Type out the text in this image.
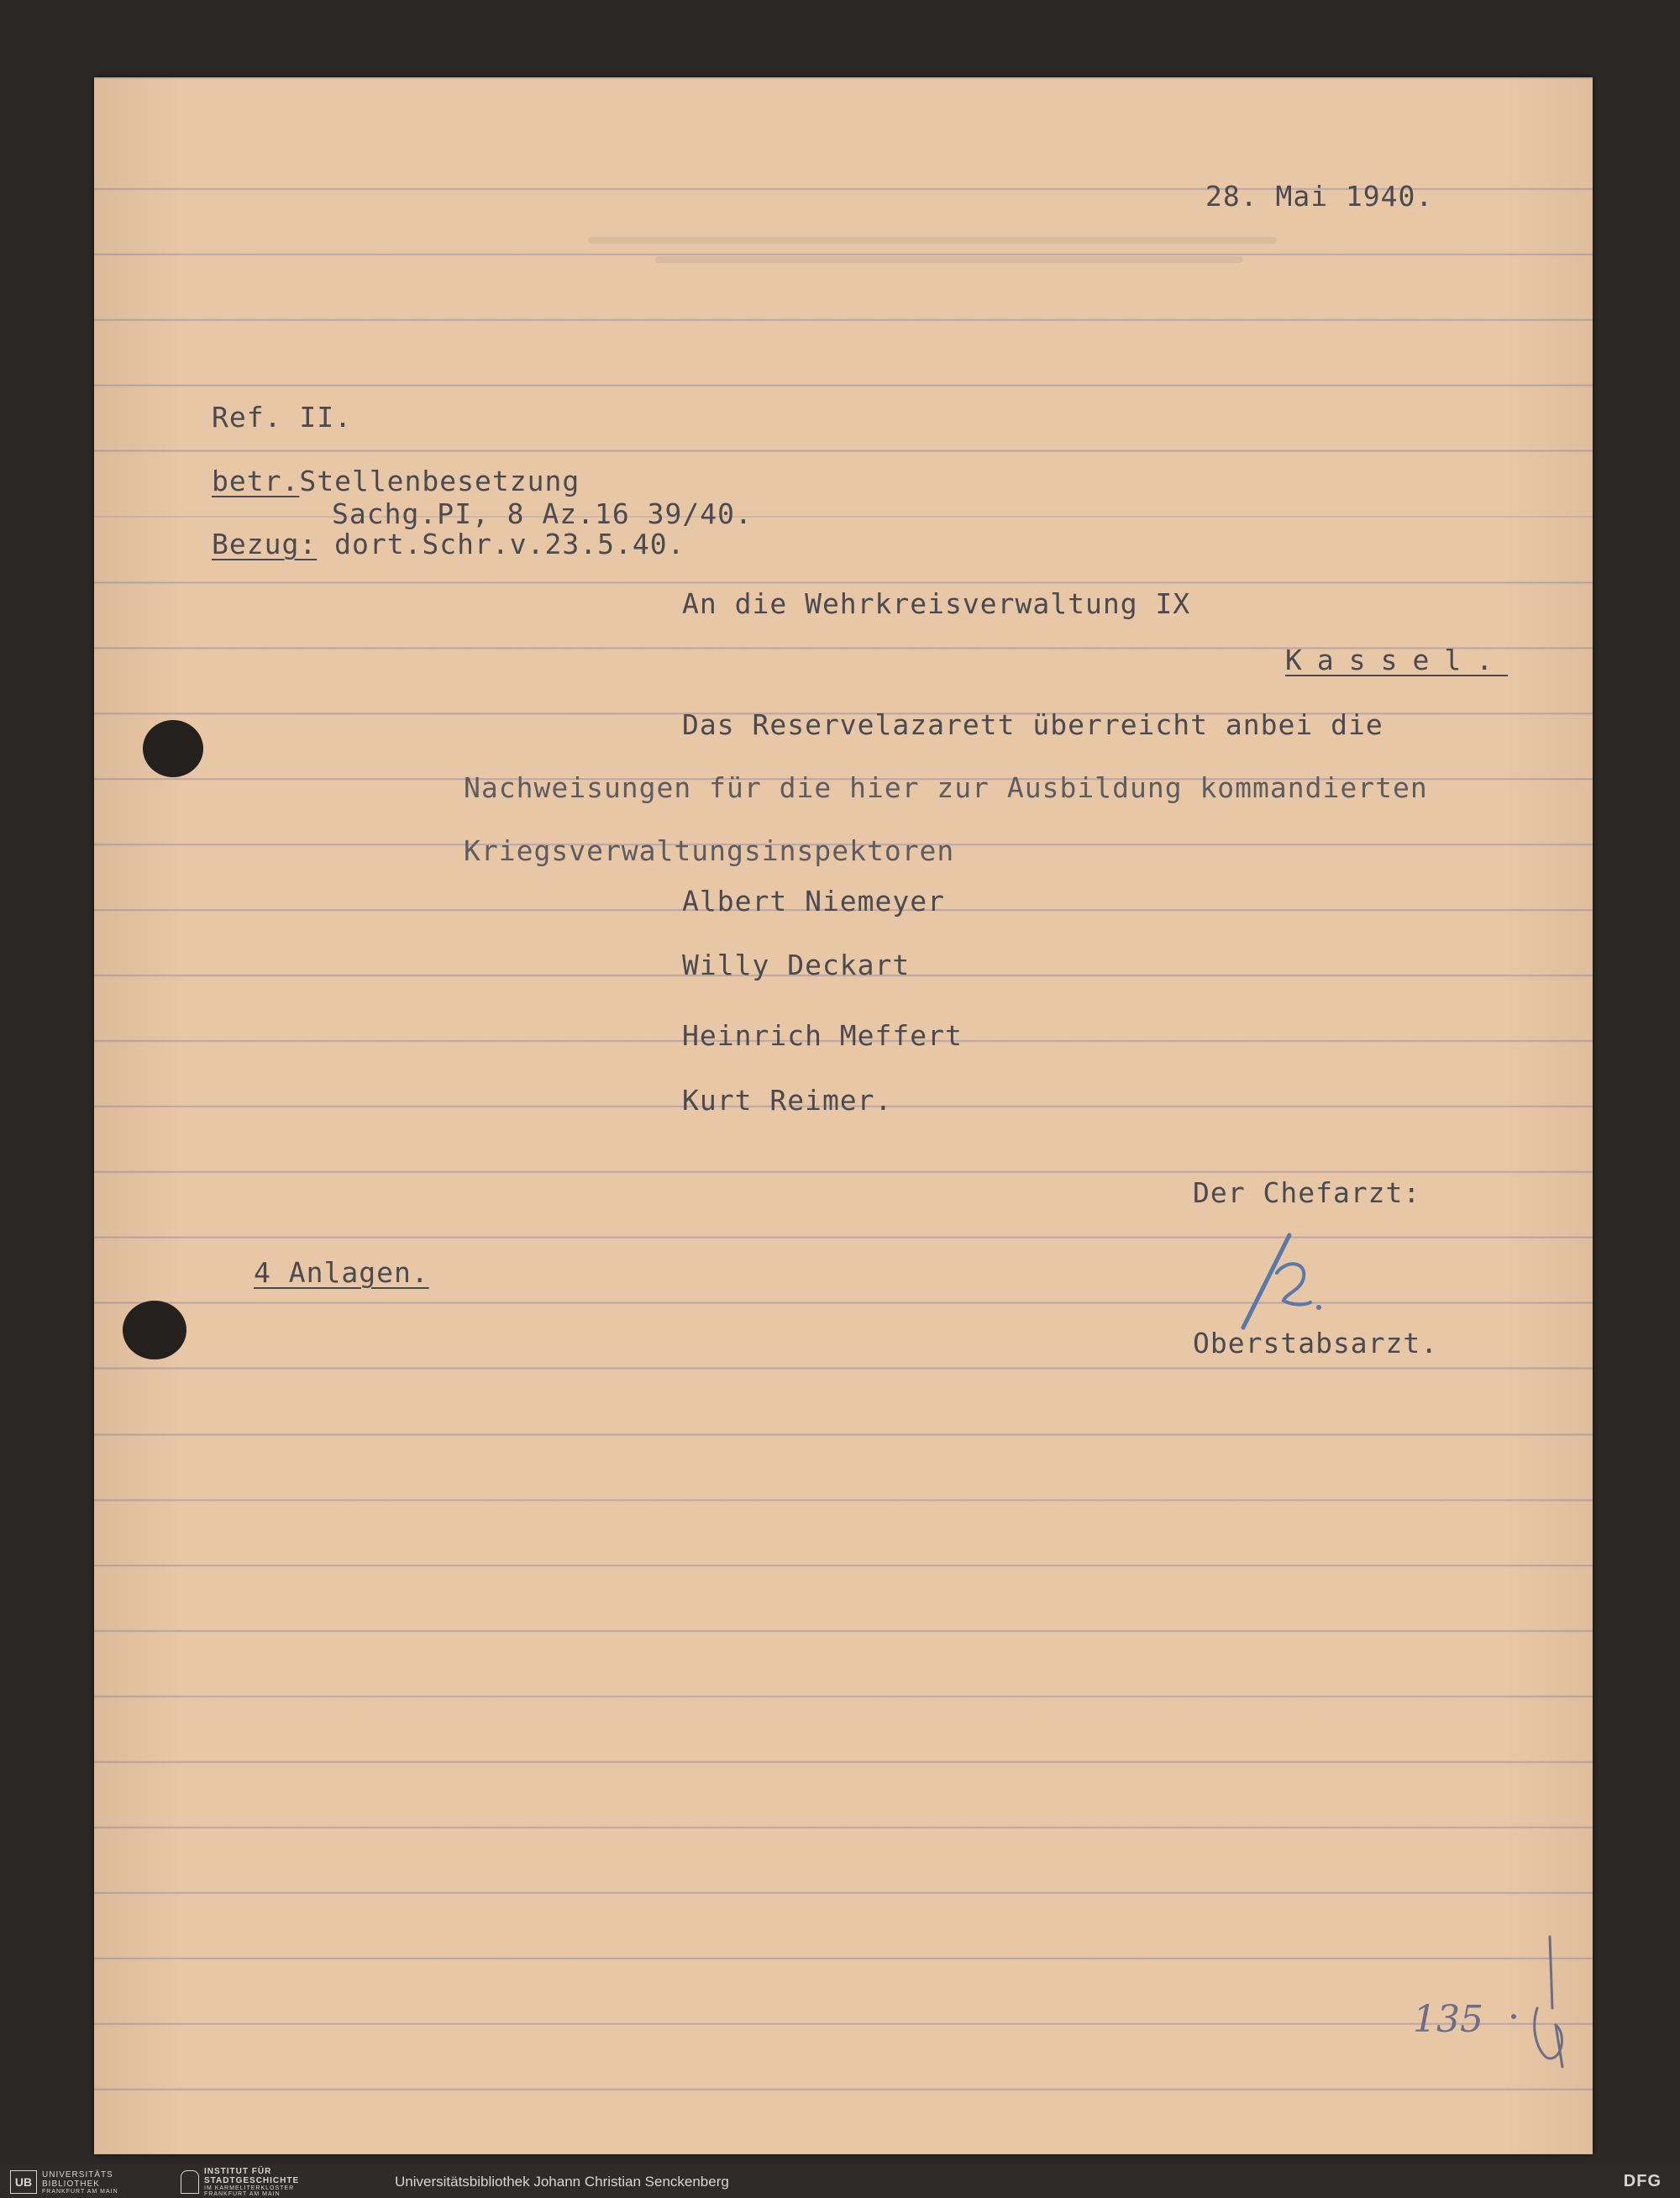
28. Mai 1940.

Ref. II.

betr.Stellenbesetzung

Sachg.PI, 8 Az.16 39/40.

Bezug: dort.Schr.v.23.5.40.

An die Wehrkreisverwaltung IX

Kassel.

Das Reservelazarett überreicht anbei die

Nachweisungen für die hier zur Ausbildung kommandierten

Kriegsverwaltungsinspektoren

Albert Niemeyer

Willy Deckart

Heinrich Meffert

Kurt Reimer.

Der Chefarzt:

Oberstabsarzt.

4 Anlagen.

135

UB
UNIVERSITÄTS
BIBLIOTHEK
FRANKFURT AM MAIN
INSTITUT FÜR
STADTGESCHICHTE
IM KARMELITERKLOSTER
FRANKFURT AM MAIN
Universitätsbibliothek Johann Christian Senckenberg	DFG
